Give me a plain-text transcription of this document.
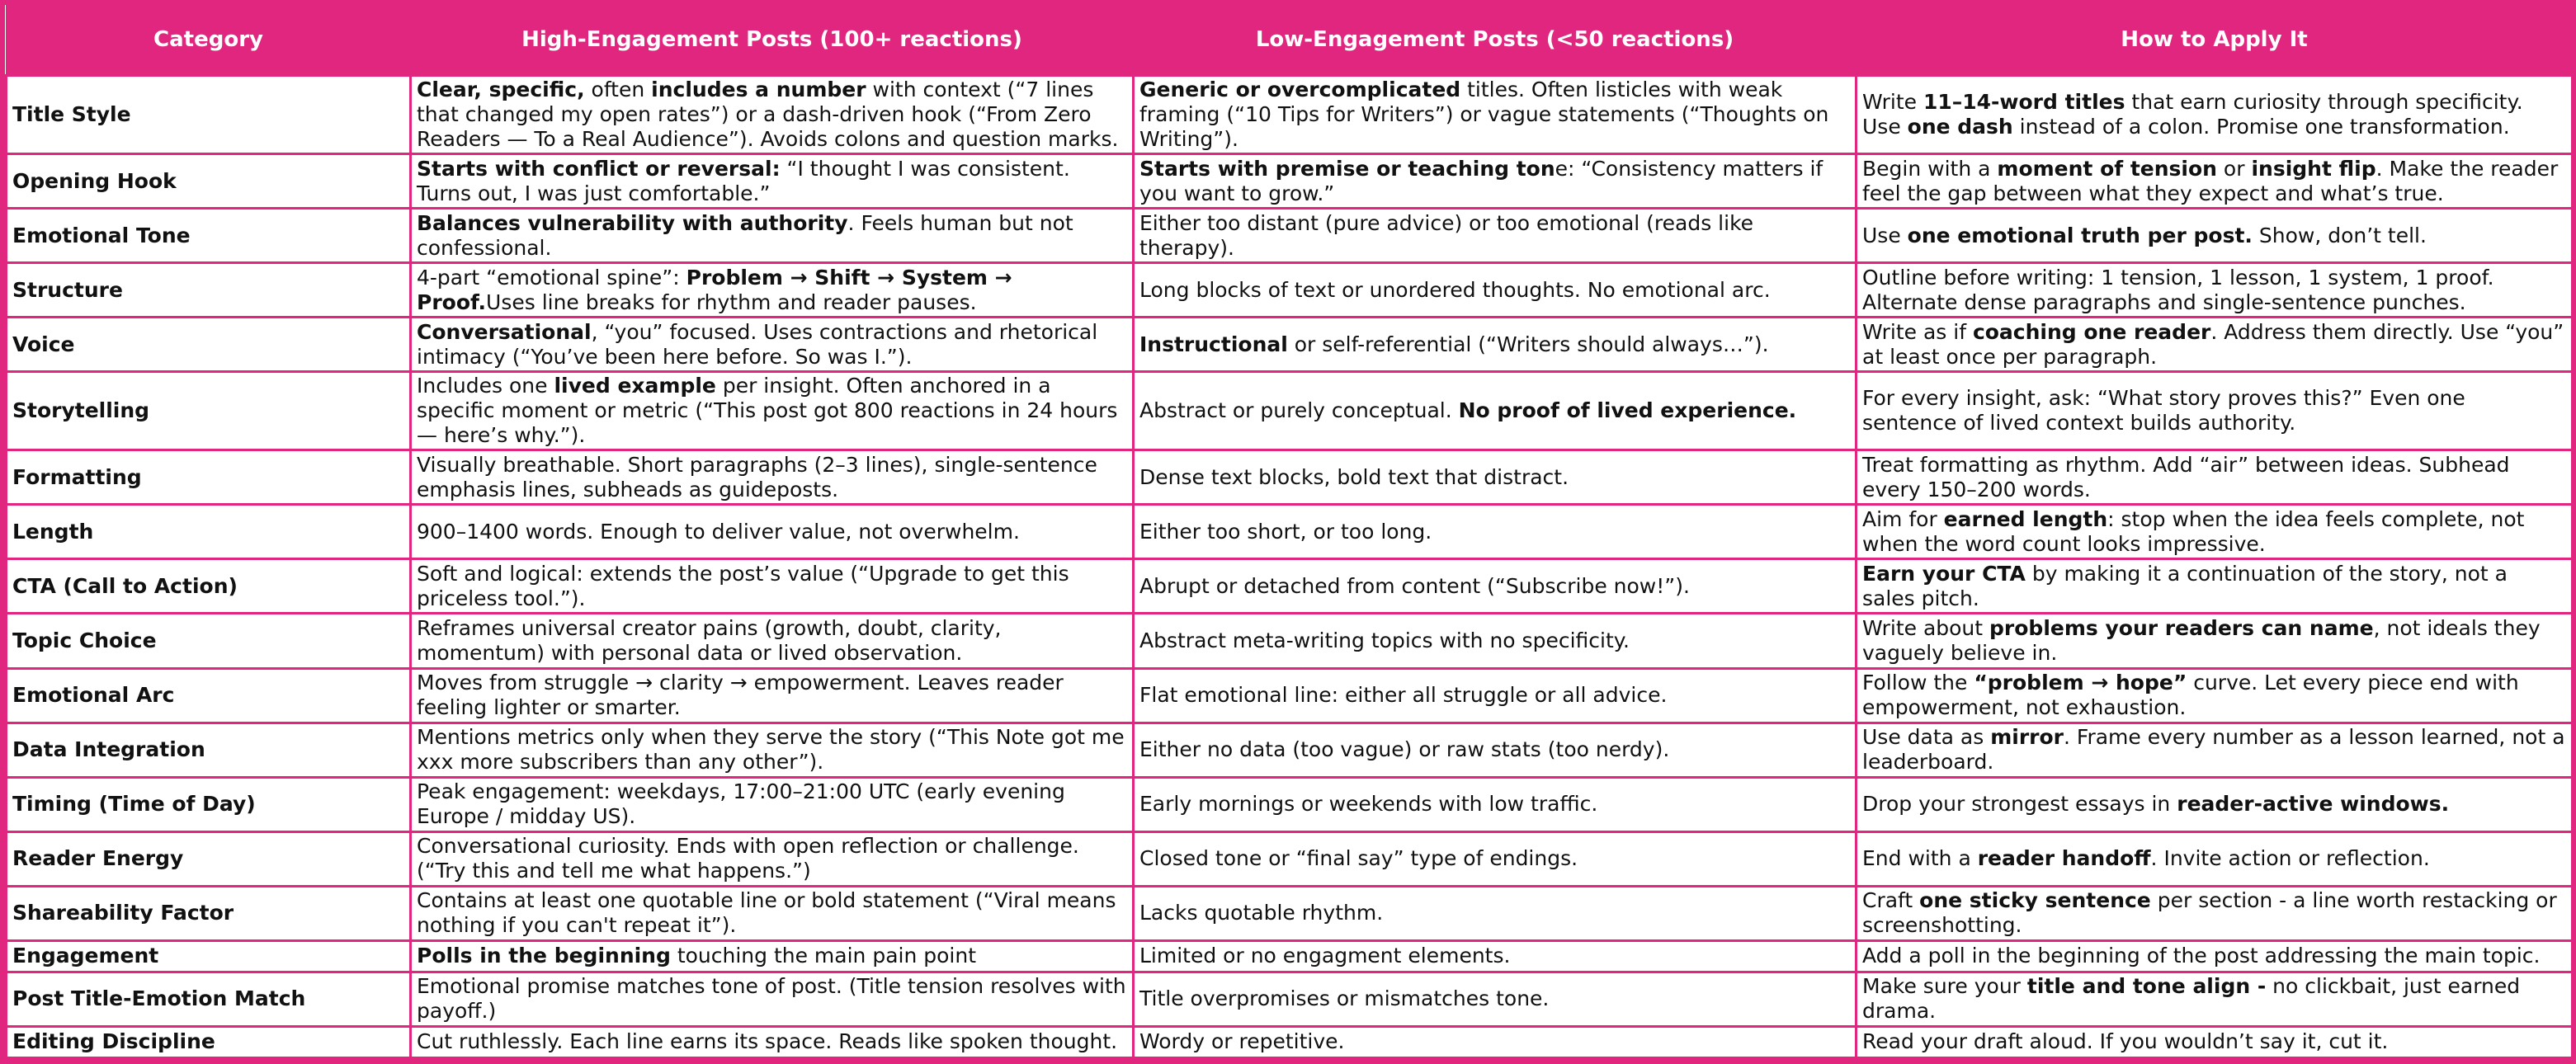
Category	High-Engagement Posts (100+ reactions)	Low-Engagement Posts (<50 reactions)	How to Apply It
Title Style	Clear, specific, often includes a number with context (“7 lines that changed my open rates”) or a dash-driven hook (“From Zero Readers — To a Real Audience”). Avoids colons and question marks.	Generic or overcomplicated titles. Often listicles with weak framing (“10 Tips for Writers”) or vague statements (“Thoughts on Writing”).	Write 11–14-word titles that earn curiosity through specificity. Use one dash instead of a colon. Promise one transformation.
Opening Hook	Starts with conflict or reversal: “I thought I was consistent. Turns out, I was just comfortable.”	Starts with premise or teaching tone: “Consistency matters if you want to grow.”	Begin with a moment of tension or insight flip. Make the reader feel the gap between what they expect and what’s true.
Emotional Tone	Balances vulnerability with authority. Feels human but not confessional.	Either too distant (pure advice) or too emotional (reads like therapy).	Use one emotional truth per post. Show, don’t tell.
Structure	4-part “emotional spine”: Problem → Shift → System → Proof.Uses line breaks for rhythm and reader pauses.	Long blocks of text or unordered thoughts. No emotional arc.	Outline before writing: 1 tension, 1 lesson, 1 system, 1 proof. Alternate dense paragraphs and single-sentence punches.
Voice	Conversational, “you” focused. Uses contractions and rhetorical intimacy (“You’ve been here before. So was I.”).	Instructional or self-referential (“Writers should always…”).	Write as if coaching one reader. Address them directly. Use “you” at least once per paragraph.
Storytelling	Includes one lived example per insight. Often anchored in a specific moment or metric (“This post got 800 reactions in 24 hours — here’s why.”).	Abstract or purely conceptual. No proof of lived experience.	For every insight, ask: “What story proves this?” Even one sentence of lived context builds authority.
Formatting	Visually breathable. Short paragraphs (2–3 lines), single-sentence emphasis lines, subheads as guideposts.	Dense text blocks, bold text that distract.	Treat formatting as rhythm. Add “air” between ideas. Subhead every 150–200 words.
Length	900–1400 words. Enough to deliver value, not overwhelm.	Either too short, or too long.	Aim for earned length: stop when the idea feels complete, not when the word count looks impressive.
CTA (Call to Action)	Soft and logical: extends the post’s value (“Upgrade to get this priceless tool.”).	Abrupt or detached from content (“Subscribe now!”).	Earn your CTA by making it a continuation of the story, not a sales pitch.
Topic Choice	Reframes universal creator pains (growth, doubt, clarity, momentum) with personal data or lived observation.	Abstract meta-writing topics with no specificity.	Write about problems your readers can name, not ideals they vaguely believe in.
Emotional Arc	Moves from struggle → clarity → empowerment. Leaves reader feeling lighter or smarter.	Flat emotional line: either all struggle or all advice.	Follow the “problem → hope” curve. Let every piece end with empowerment, not exhaustion.
Data Integration	Mentions metrics only when they serve the story (“This Note got me xxx more subscribers than any other”).	Either no data (too vague) or raw stats (too nerdy).	Use data as mirror. Frame every number as a lesson learned, not a leaderboard.
Timing (Time of Day)	Peak engagement: weekdays, 17:00–21:00 UTC (early evening Europe / midday US).	Early mornings or weekends with low traffic.	Drop your strongest essays in reader-active windows.
Reader Energy	Conversational curiosity. Ends with open reflection or challenge. (“Try this and tell me what happens.”)	Closed tone or “final say” type of endings.	End with a reader handoff. Invite action or reflection.
Shareability Factor	Contains at least one quotable line or bold statement (“Viral means nothing if you can't repeat it”).	Lacks quotable rhythm.	Craft one sticky sentence per section - a line worth restacking or screenshotting.
Engagement	Polls in the beginning touching the main pain point	Limited or no engagment elements.	Add a poll in the beginning of the post addressing the main topic.
Post Title-Emotion Match	Emotional promise matches tone of post. (Title tension resolves with payoff.)	Title overpromises or mismatches tone.	Make sure your title and tone align - no clickbait, just earned drama.
Editing Discipline	Cut ruthlessly. Each line earns its space. Reads like spoken thought.	Wordy or repetitive.	Read your draft aloud. If you wouldn’t say it, cut it.
